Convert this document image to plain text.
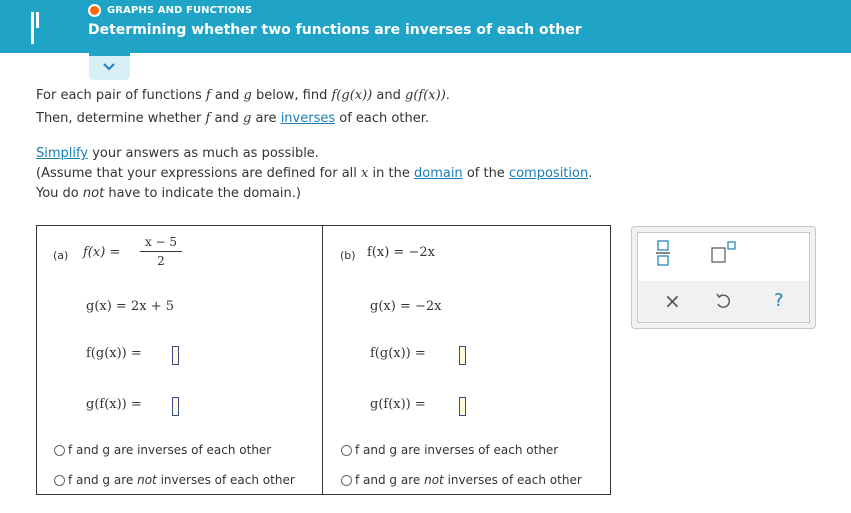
GRAPHS AND FUNCTIONS
Determining whether two functions are inverses of each other
For each pair of functions f and g below, find f(g(x)) and g(f(x)).
Then, determine whether f and g are inverses of each other.
Simplify your answers as much as possible.
(Assume that your expressions are defined for all x in the domain of the composition.
You do not have to indicate the domain.)
(a) f(x) =
x − 5
2
g(x) = 2x + 5
f(g(x)) =
g(f(x)) =
f and g are inverses of each other
f and g are not inverses of each other
(b) f(x) = −2x
g(x) = −2x
f(g(x)) =
g(f(x)) =
f and g are inverses of each other
f and g are not inverses of each other
×	?
